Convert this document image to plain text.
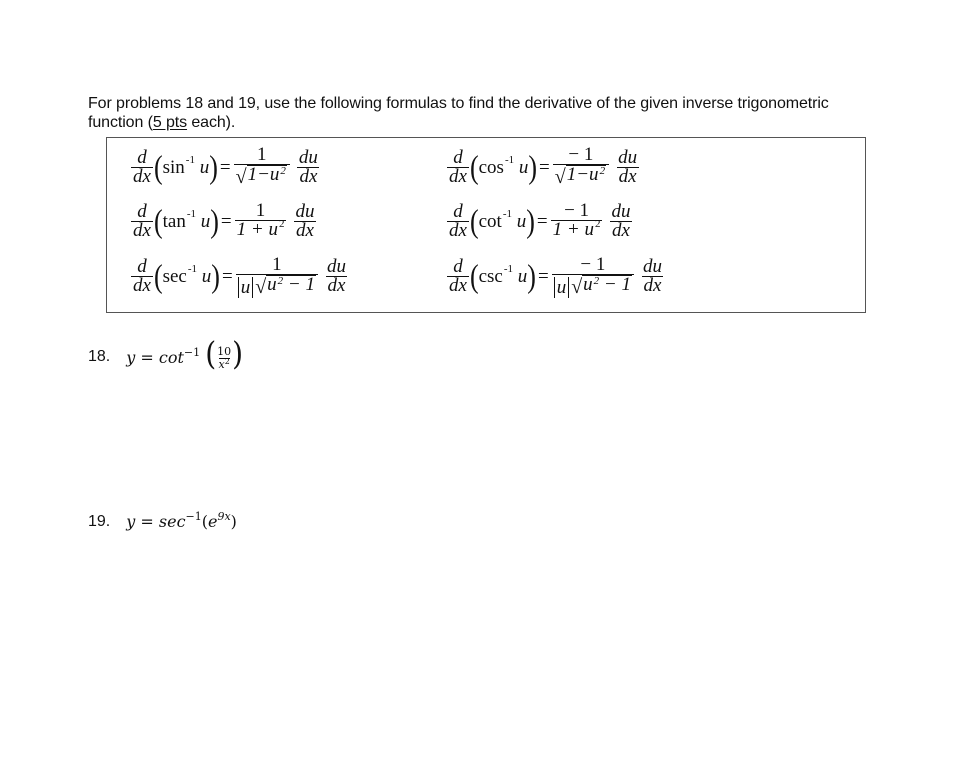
For problems 18 and 19, use the following formulas to find the derivative of the given inverse trigonometric
function (5 pts each).
$\frac{d}{dx}$ ( sin -1
u ) = $\frac{1}{√ 1-u^2} \frac{du}{dx}$	$\frac{d}{dx}$ ( cos -1
u ) = $\frac{- 1}{√ 1-u^2} \frac{du}{dx}$
$\frac{d}{dx}$ ( tan -1
u ) = $\frac{1}{1 + u^2} \frac{du}{dx}$	$\frac{d}{dx}$ ( cot -1
u ) = $\frac{- 1}{1 + u^2} \frac{du}{dx}$
$\frac{d}{dx}$ ( sec -1
u ) = $\frac{1}{u √ u^2 - 1} \frac{du}{dx}$	$\frac{d}{dx}$ ( csc -1
u ) = $\frac{- 1}{u √ u^2 - 1} \frac{du}{dx}$
18. $y = \cot^{-1}$ ( $\frac{10}{x^2}$ )
19. $y = \sec^{-1}(e^{9x})$
